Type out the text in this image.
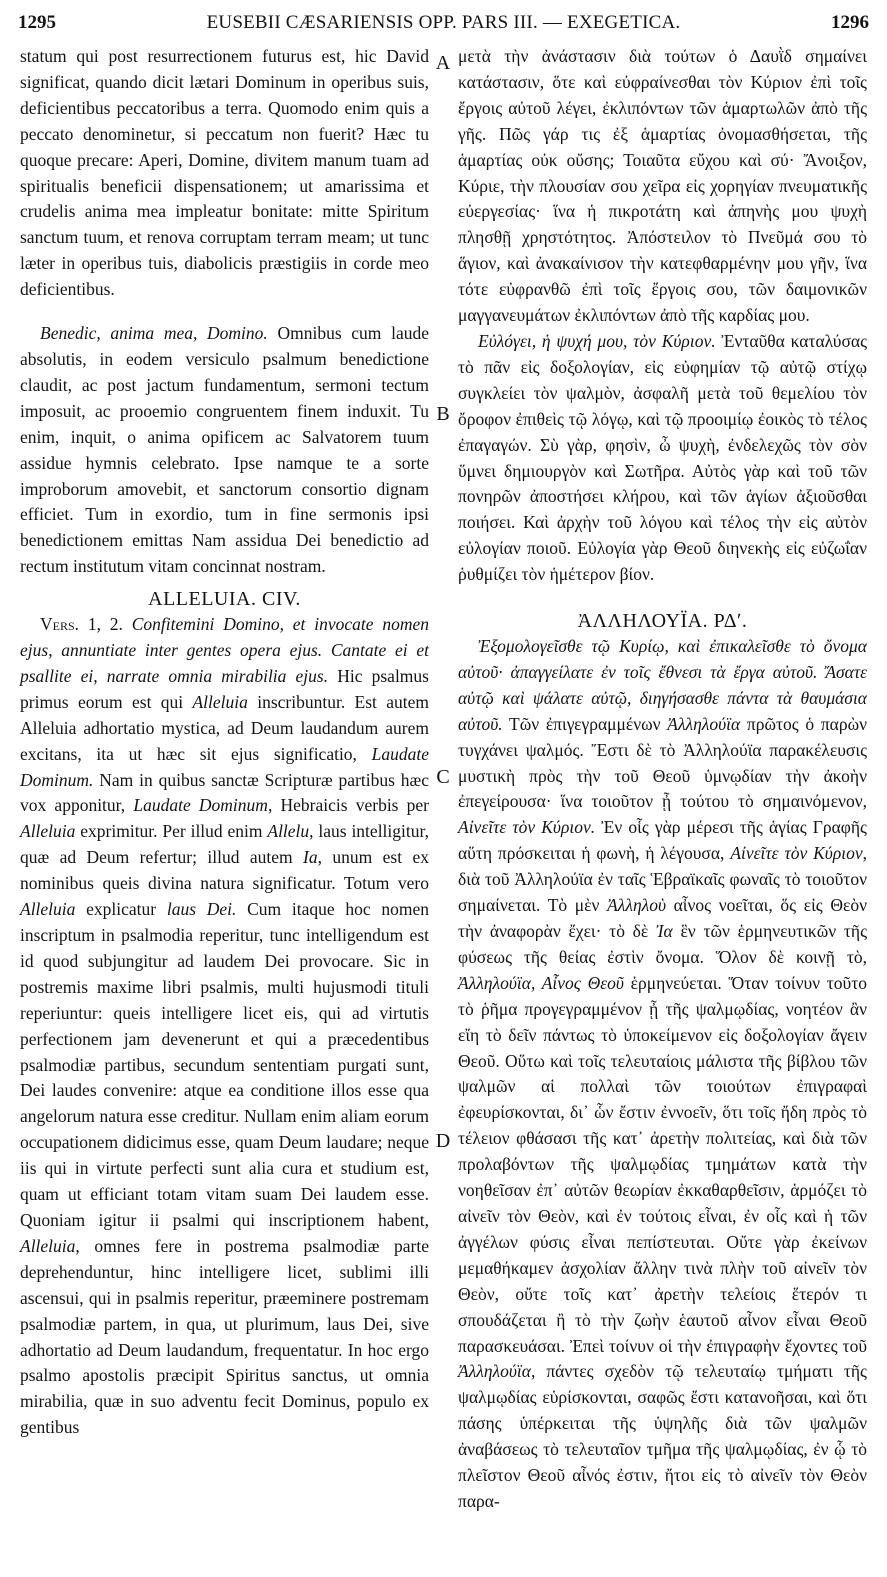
1295	EUSEBII CÆSARIENSIS OPP. PARS III. — EXEGETICA.	1296
A
B
C
D

statum qui post resurrectionem futurus est, hic David significat, quando dicit lætari Dominum in operibus suis, deficientibus peccatoribus a terra. Quomodo enim quis a peccato denominetur, si peccatum non fuerit? Hæc tu quoque precare: Aperi, Domine, divitem manum tuam ad spiritualis beneficii dispensationem; ut amarissima et crudelis anima mea impleatur bonitate: mitte Spiritum sanctum tuum, et renova corruptam terram meam; ut tunc læter in operibus tuis, diabolicis præstigiis in corde meo deficientibus.

Benedic, anima mea, Domino. Omnibus cum laude absolutis, in eodem versiculo psalmum benedictione claudit, ac post jactum fundamentum, sermoni tectum imposuit, ac prooemio congruentem finem induxit. Tu enim, inquit, o anima opificem ac Salvatorem tuum assidue hymnis celebrato. Ipse namque te a sorte improborum amovebit, et sanctorum consortio dignam efficiet. Tum in exordio, tum in fine sermonis ipsi benedictionem emittas Nam assidua Dei benedictio ad rectum institutum vitam concinnat nostram.

ALLELUIA. CIV.

Vers. 1, 2. Confitemini Domino, et invocate nomen ejus, annuntiate inter gentes opera ejus. Cantate ei et psallite ei, narrate omnia mirabilia ejus. Hic psalmus primus eorum est qui Alleluia inscribuntur. Est autem Alleluia adhortatio mystica, ad Deum laudandum aurem excitans, ita ut hæc sit ejus significatio, Laudate Dominum. Nam in quibus sanctæ Scripturæ partibus hæc vox apponitur, Laudate Dominum, Hebraicis verbis per Alleluia exprimitur. Per illud enim Allelu, laus intelligitur, quæ ad Deum refertur; illud autem Ia, unum est ex nominibus queis divina natura significatur. Totum vero Alleluia explicatur laus Dei. Cum itaque hoc nomen inscriptum in psalmodia reperitur, tunc intelligendum est id quod subjungitur ad laudem Dei provocare. Sic in postremis maxime libri psalmis, multi hujusmodi tituli reperiuntur: queis intelligere licet eis, qui ad virtutis perfectionem jam devenerunt et qui a præcedentibus psalmodiæ partibus, secundum sententiam purgati sunt, Dei laudes convenire: atque ea conditione illos esse qua angelorum natura esse creditur. Nullam enim aliam eorum occupationem didicimus esse, quam Deum laudare; neque iis qui in virtute perfecti sunt alia cura et studium est, quam ut efficiant totam vitam suam Dei laudem esse. Quoniam igitur ii psalmi qui inscriptionem habent, Alleluia, omnes fere in postrema psalmodiæ parte deprehenduntur, hinc intelligere licet, sublimi illi ascensui, qui in psalmis reperitur, præeminere postremam psalmodiæ partem, in qua, ut plurimum, laus Dei, sive adhortatio ad Deum laudandum, frequentatur. In hoc ergo psalmo apostolis præcipit Spiritus sanctus, ut omnia mirabilia, quæ in suo adventu fecit Dominus, populo ex gentibus

μετὰ τὴν ἀνάστασιν διὰ τούτων ὁ Δαυῒδ σημαίνει κατάστασιν, ὅτε καὶ εὐφραίνεσθαι τὸν Κύριον ἐπὶ τοῖς ἔργοις αὐτοῦ λέγει, ἐκλιπόντων τῶν ἁμαρτωλῶν ἀπὸ τῆς γῆς. Πῶς γάρ τις ἐξ ἁμαρτίας ὀνομασθήσεται, τῆς ἁμαρτίας οὐκ οὔσης; Τοιαῦτα εὔχου καὶ σύ· Ἄνοιξον, Κύριε, τὴν πλουσίαν σου χεῖρα εἰς χορηγίαν πνευματικῆς εὐεργεσίας· ἵνα ἡ πικροτάτη καὶ ἀπηνὴς μου ψυχὴ πλησθῇ χρηστότητος. Ἀπόστειλον τὸ Πνεῦμά σου τὸ ἅγιον, καὶ ἀνακαίνισον τὴν κατεφθαρμένην μου γῆν, ἵνα τότε εὐφρανθῶ ἐπὶ τοῖς ἔργοις σου, τῶν δαιμονικῶν μαγγανευμάτων ἐκλιπόντων ἀπὸ τῆς καρδίας μου.

Εὐλόγει, ἡ ψυχή μου, τὸν Κύριον. Ἐνταῦθα καταλύσας τὸ πᾶν εἰς δοξολογίαν, εἰς εὐφημίαν τῷ αὐτῷ στίχῳ συγκλείει τὸν ψαλμὸν, ἀσφαλῆ μετὰ τοῦ θεμελίου τὸν ὄροφον ἐπιθεὶς τῷ λόγῳ, καὶ τῷ προοιμίῳ ἐοικὸς τὸ τέλος ἐπαγαγών. Σὺ γὰρ, φησὶν, ὦ ψυχὴ, ἐνδελεχῶς τὸν σὸν ὕμνει δημιουργὸν καὶ Σωτῆρα. Αὐτὸς γὰρ καὶ τοῦ τῶν πονηρῶν ἀποστήσει κλήρου, καὶ τῶν ἁγίων ἀξιοῦσθαι ποιήσει. Καὶ ἀρχὴν τοῦ λόγου καὶ τέλος τὴν εἰς αὐτὸν εὐλογίαν ποιοῦ. Εὐλογία γὰρ Θεοῦ διηνεκὴς εἰς εὐζωΐαν ῥυθμίζει τὸν ἡμέτερον βίον.

ἈΛΛΗΛΟΥΪΑ. ΡΔʹ.

Ἐξομολογεῖσθε τῷ Κυρίῳ, καὶ ἐπικαλεῖσθε τὸ ὄνομα αὐτοῦ· ἀπαγγείλατε ἐν τοῖς ἔθνεσι τὰ ἔργα αὐτοῦ. Ἄσατε αὐτῷ καὶ ψάλατε αὐτῷ, διηγήσασθε πάντα τὰ θαυμάσια αὐτοῦ. Τῶν ἐπιγεγραμμένων Ἀλληλούϊα πρῶτος ὁ παρὼν τυγχάνει ψαλμός. Ἔστι δὲ τὸ Ἀλληλούϊα παρακέλευσις μυστικὴ πρὸς τὴν τοῦ Θεοῦ ὑμνῳδίαν τὴν ἀκοὴν ἐπεγείρουσα· ἵνα τοιοῦτον ᾖ τούτου τὸ σημαινόμενον, Αἰνεῖτε τὸν Κύριον. Ἐν οἷς γὰρ μέρεσι τῆς ἁγίας Γραφῆς αὕτη πρόσκειται ἡ φωνὴ, ἡ λέγουσα, Αἰνεῖτε τὸν Κύριον, διὰ τοῦ Ἀλληλούϊα ἐν ταῖς Ἑβραϊκαῖς φωναῖς τὸ τοιοῦτον σημαίνεται. Τὸ μὲν Ἀλληλοὺ αἶνος νοεῖται, ὅς εἰς Θεὸν τὴν ἀναφορὰν ἔχει· τὸ δὲ Ἰα ἓν τῶν ἑρμηνευτικῶν τῆς φύσεως τῆς θείας ἐστὶν ὄνομα. Ὅλον δὲ κοινῇ τὸ, Ἀλληλούϊα, Αἶνος Θεοῦ ἑρμηνεύεται. Ὅταν τοίνυν τοῦτο τὸ ῥῆμα προγεγραμμένον ᾖ τῆς ψαλμῳδίας, νοητέον ἂν εἴη τὸ δεῖν πάντως τὸ ὑποκείμενον εἰς δοξολογίαν ἄγειν Θεοῦ. Οὕτω καὶ τοῖς τελευταίοις μάλιστα τῆς βίβλου τῶν ψαλμῶν αἱ πολλαὶ τῶν τοιούτων ἐπιγραφαὶ ἐφευρίσκονται, δι᾽ ὧν ἔστιν ἐννοεῖν, ὅτι τοῖς ἤδη πρὸς τὸ τέλειον φθάσασι τῆς κατ᾽ ἀρετὴν πολιτείας, καὶ διὰ τῶν προλαβόντων τῆς ψαλμῳδίας τμημάτων κατὰ τὴν νοηθεῖσαν ἐπ᾽ αὐτῶν θεωρίαν ἐκκαθαρθεῖσιν, ἁρμόζει τὸ αἰνεῖν τὸν Θεὸν, καὶ ἐν τούτοις εἶναι, ἐν οἷς καὶ ἡ τῶν ἀγγέλων φύσις εἶναι πεπίστευται. Οὔτε γὰρ ἐκείνων μεμαθήκαμεν ἀσχολίαν ἄλλην τινὰ πλὴν τοῦ αἰνεῖν τὸν Θεὸν, οὔτε τοῖς κατ᾽ ἀρετὴν τελείοις ἕτερόν τι σπουδάζεται ἢ τὸ τὴν ζωὴν ἑαυτοῦ αἶνον εἶναι Θεοῦ παρασκευάσαι. Ἐπεὶ τοίνυν οἱ τὴν ἐπιγραφὴν ἔχοντες τοῦ Ἀλληλούϊα, πάντες σχεδὸν τῷ τελευταίῳ τμήματι τῆς ψαλμῳδίας εὑρίσκονται, σαφῶς ἔστι κατανοῆσαι, καὶ ὅτι πάσης ὑπέρκειται τῆς ὑψηλῆς διὰ τῶν ψαλμῶν ἀναβάσεως τὸ τελευταῖον τμῆμα τῆς ψαλμῳδίας, ἐν ᾧ τὸ πλεῖστον Θεοῦ αἶνός ἐστιν, ἤτοι εἰς τὸ αἰνεῖν τὸν Θεὸν παρα-
